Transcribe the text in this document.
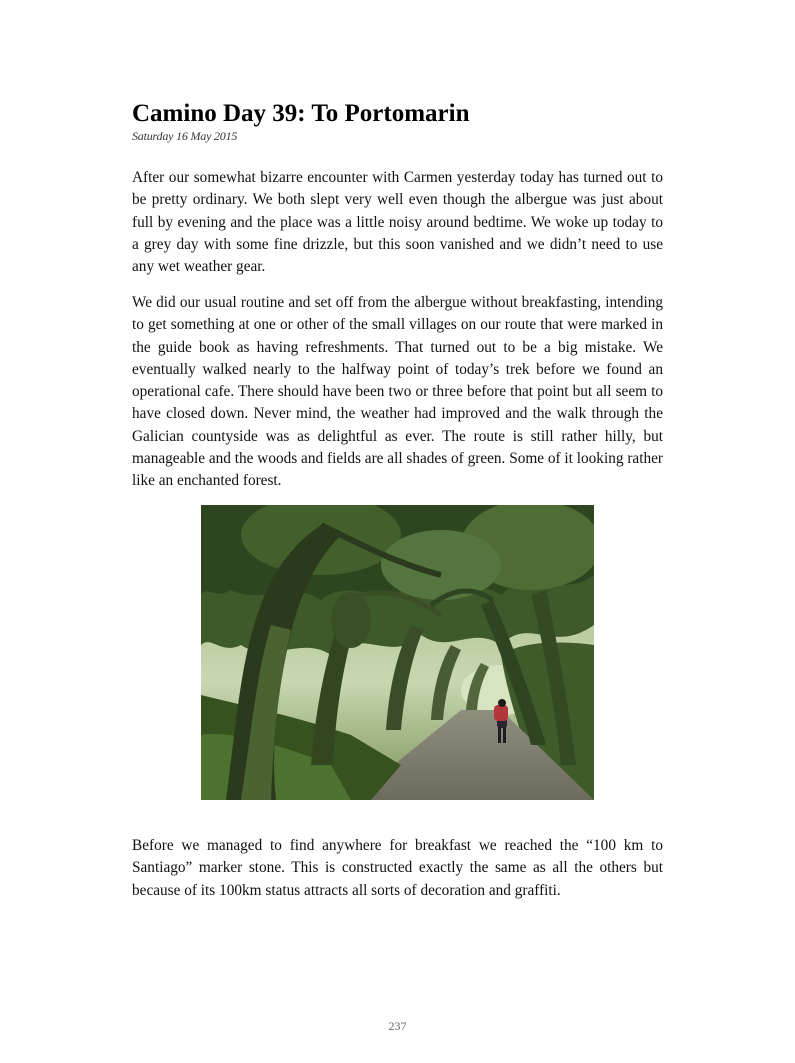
Camino Day 39: To Portomarin
Saturday 16 May 2015

After our somewhat bizarre encounter with Carmen yesterday today has turned out to be pretty ordinary. We both slept very well even though the albergue was just about full by evening and the place was a little noisy around bedtime. We woke up today to a grey day with some fine drizzle, but this soon vanished and we didn’t need to use any wet weather gear.

We did our usual routine and set off from the albergue without breakfasting, intending to get something at one or other of the small villages on our route that were marked in the guide book as having refreshments. That turned out to be a big mistake. We eventually walked nearly to the halfway point of today’s trek before we found an operational cafe. There should have been two or three before that point but all seem to have closed down. Never mind, the weather had improved and the walk through the Galician countyside was as delightful as ever. The route is still rather hilly, but manageable and the woods and fields are all shades of green. Some of it looking rather like an enchanted forest.

Before we managed to find anywhere for breakfast we reached the “100 km to Santiago” marker stone. This is constructed exactly the same as all the others but because of its 100km status attracts all sorts of decoration and graffiti.

237
